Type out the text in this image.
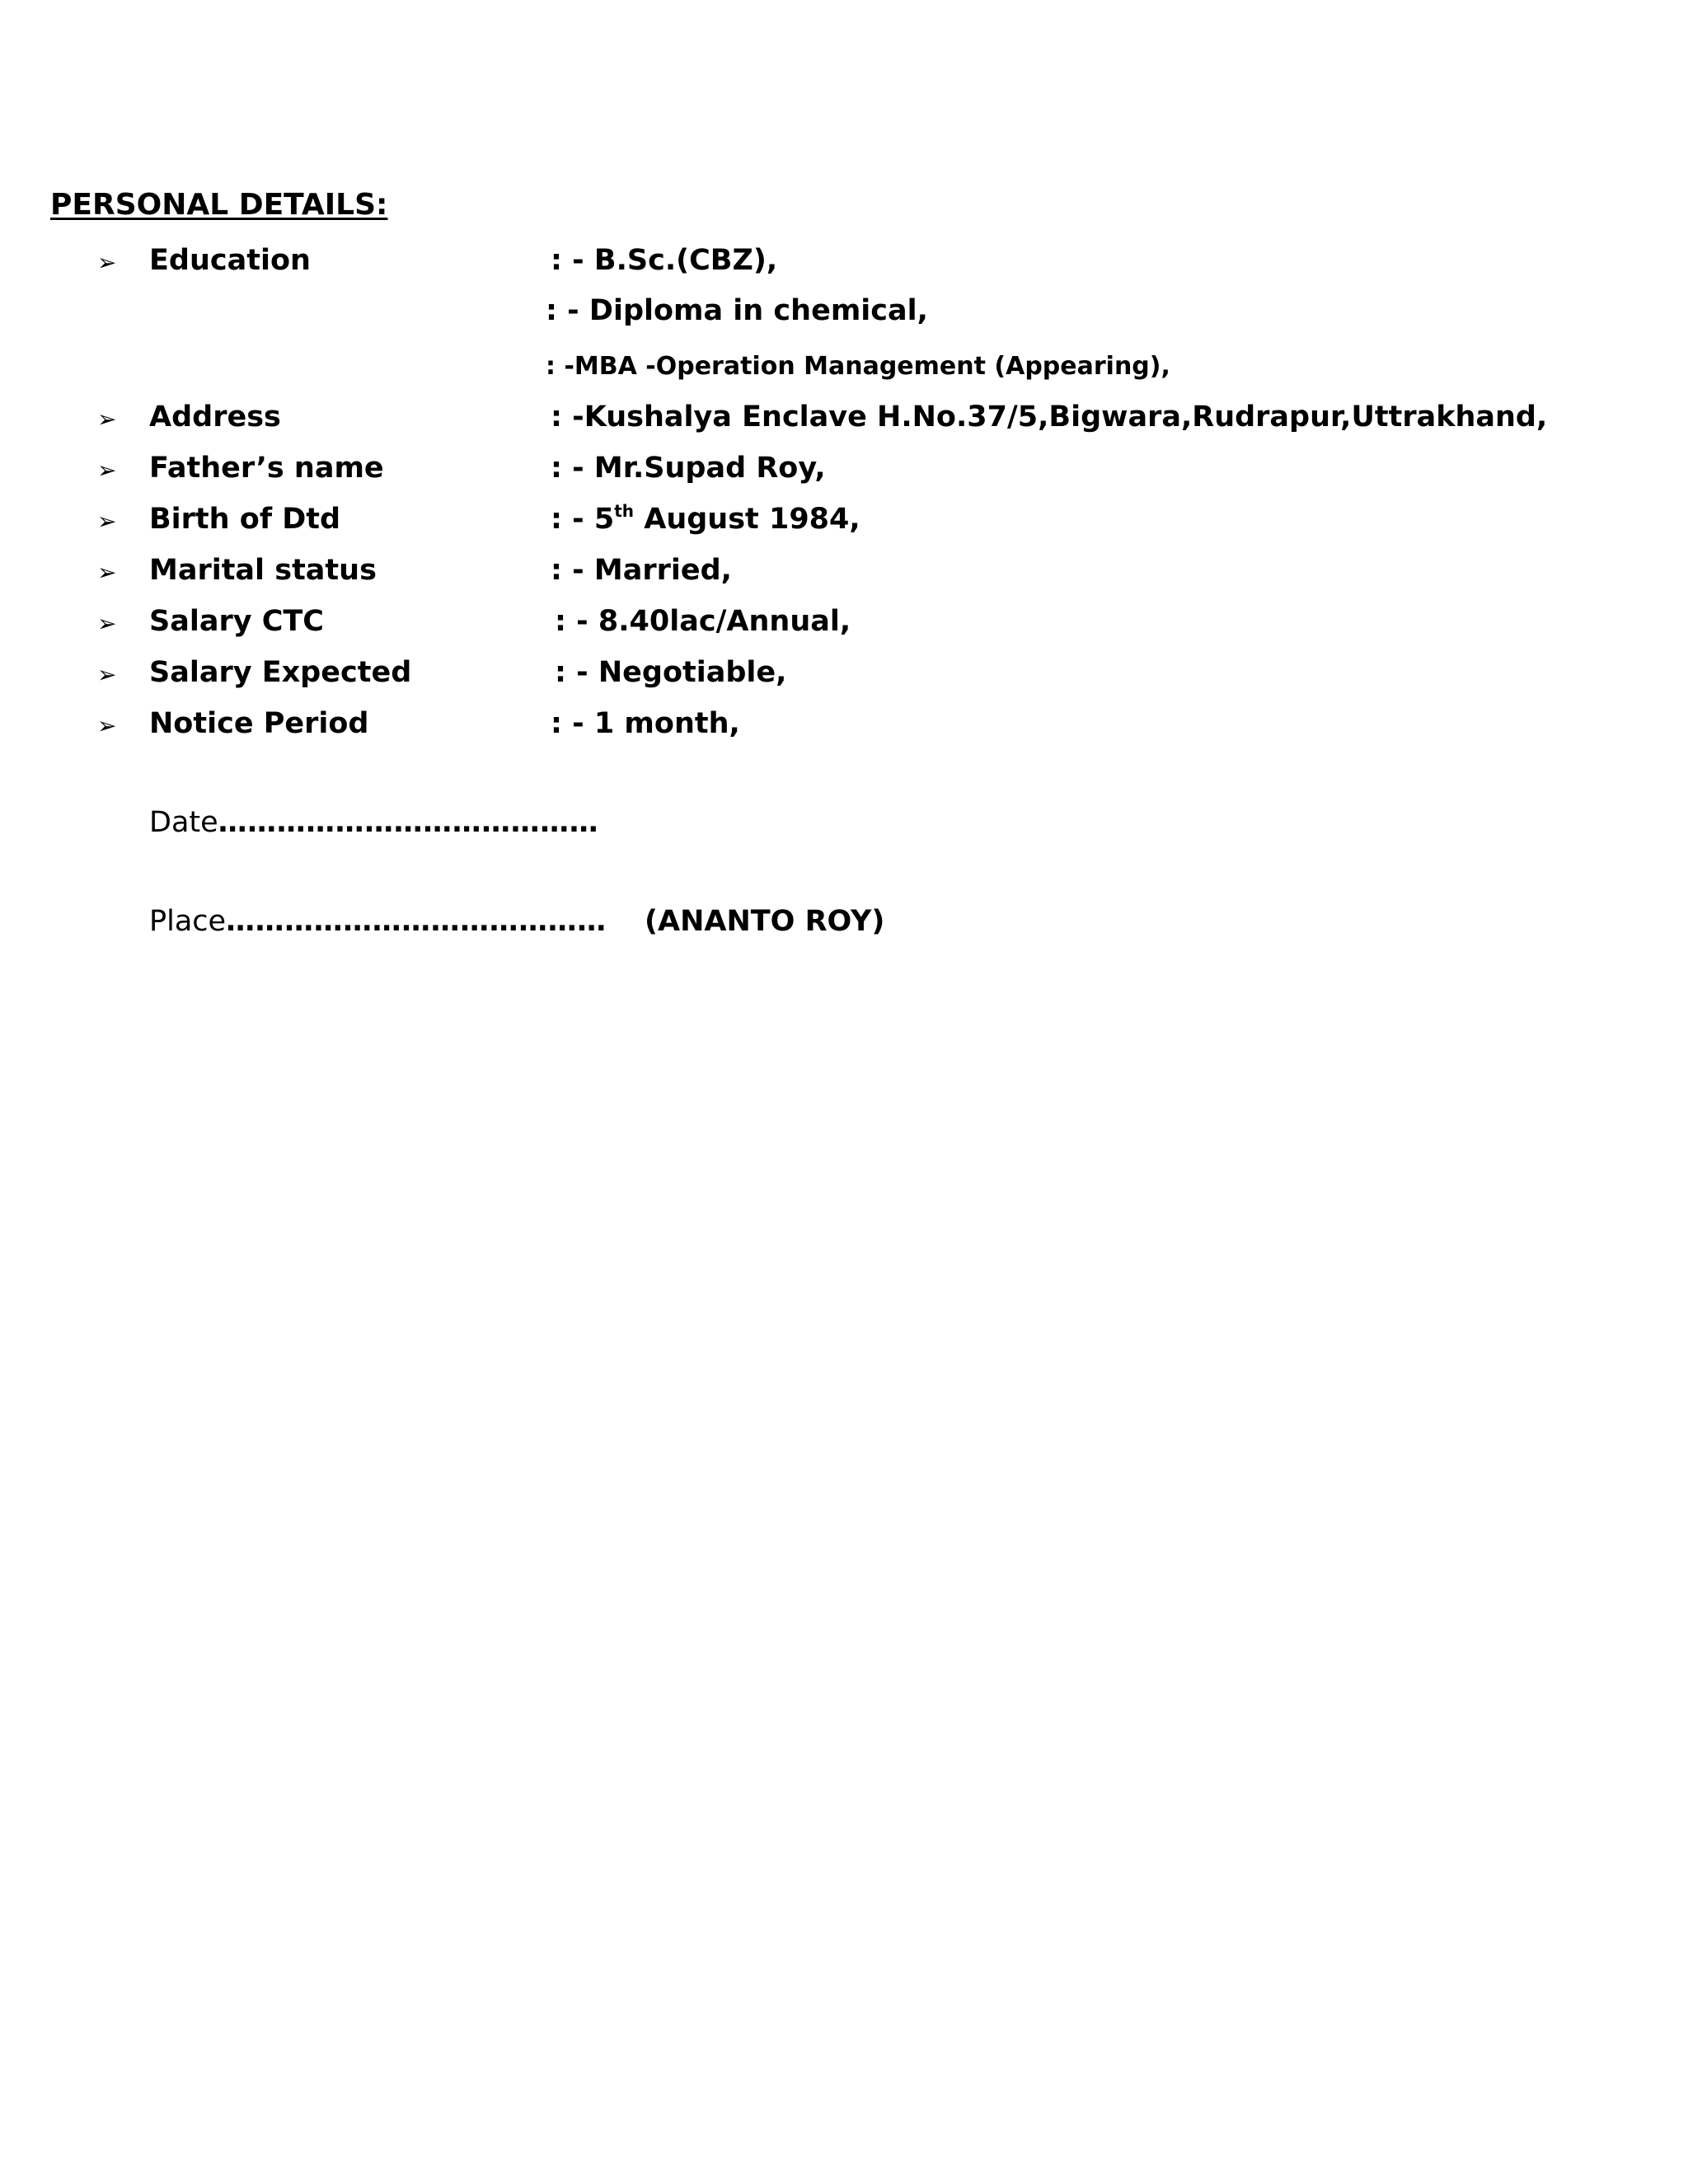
PERSONAL DETAILS:
➢ Education	: - B.Sc.(CBZ),
: - Diploma in chemical,
: -MBA -Operation Management (Appearing),
➢ Address	: -Kushalya Enclave H.No.37/5,Bigwara,Rudrapur,Uttrakhand,
➢ Father’s name	: - Mr.Supad Roy,
➢ Birth of Dtd	: - 5th August 1984,
➢ Marital status	: - Married,
➢ Salary CTC	: - 8.40lac/Annual,
➢ Salary Expected	: - Negotiable,
➢ Notice Period	: - 1 month,
Date…………………………………
Place………………………………… (ANANTO ROY)
